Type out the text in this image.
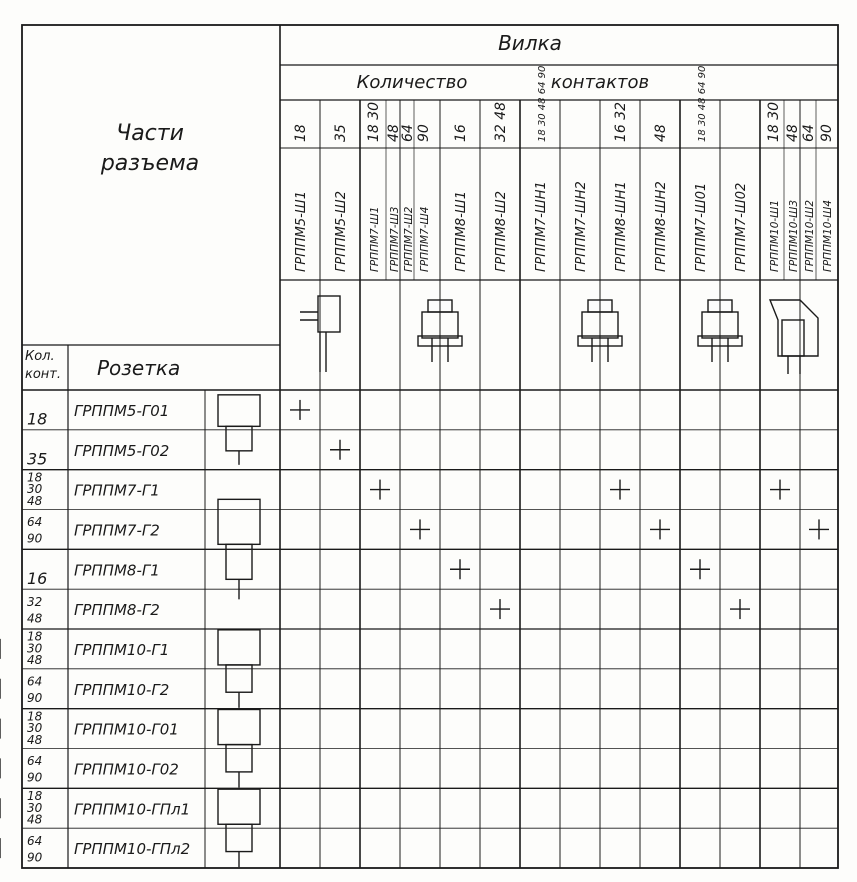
Части
разъема
Вилка
Количество	контактов
Кол.
конт. Розетка
18
ГРППМ5-Ш1
35
ГРППМ5-Ш2
18 30
ГРППМ7-Ш1
48
ГРППМ7-Ш3
64
ГРППМ7-Ш2
90
ГРППМ7-Ш4
16
ГРППМ8-Ш1
32 48
ГРППМ8-Ш2
18 30 48 64 90
ГРППМ7-ШН1 ГРППМ7-ШН2
16 32
ГРППМ8-ШН1
48
ГРППМ8-ШН2
18 30 48 64 90
ГРППМ7-Ш01 ГРППМ7-Ш02
18 30
ГРППМ10-Ш1
48
ГРППМ10-Ш3
64
ГРППМ10-Ш2
90
ГРППМ10-Ш4
18 ГРППМ5-Г01
35 ГРППМ5-Г02
18
30
48
ГРППМ7-Г1
64
90 ГРППМ7-Г2
16 ГРППМ8-Г1
32
48 ГРППМ8-Г2
18
30
48
ГРППМ10-Г1
64
90 ГРППМ10-Г2
18
30
48
ГРППМ10-Г01
64
90 ГРППМ10-Г02
18
30
48
ГРППМ10-ГПл1
64
90 ГРППМ10-ГПл2
